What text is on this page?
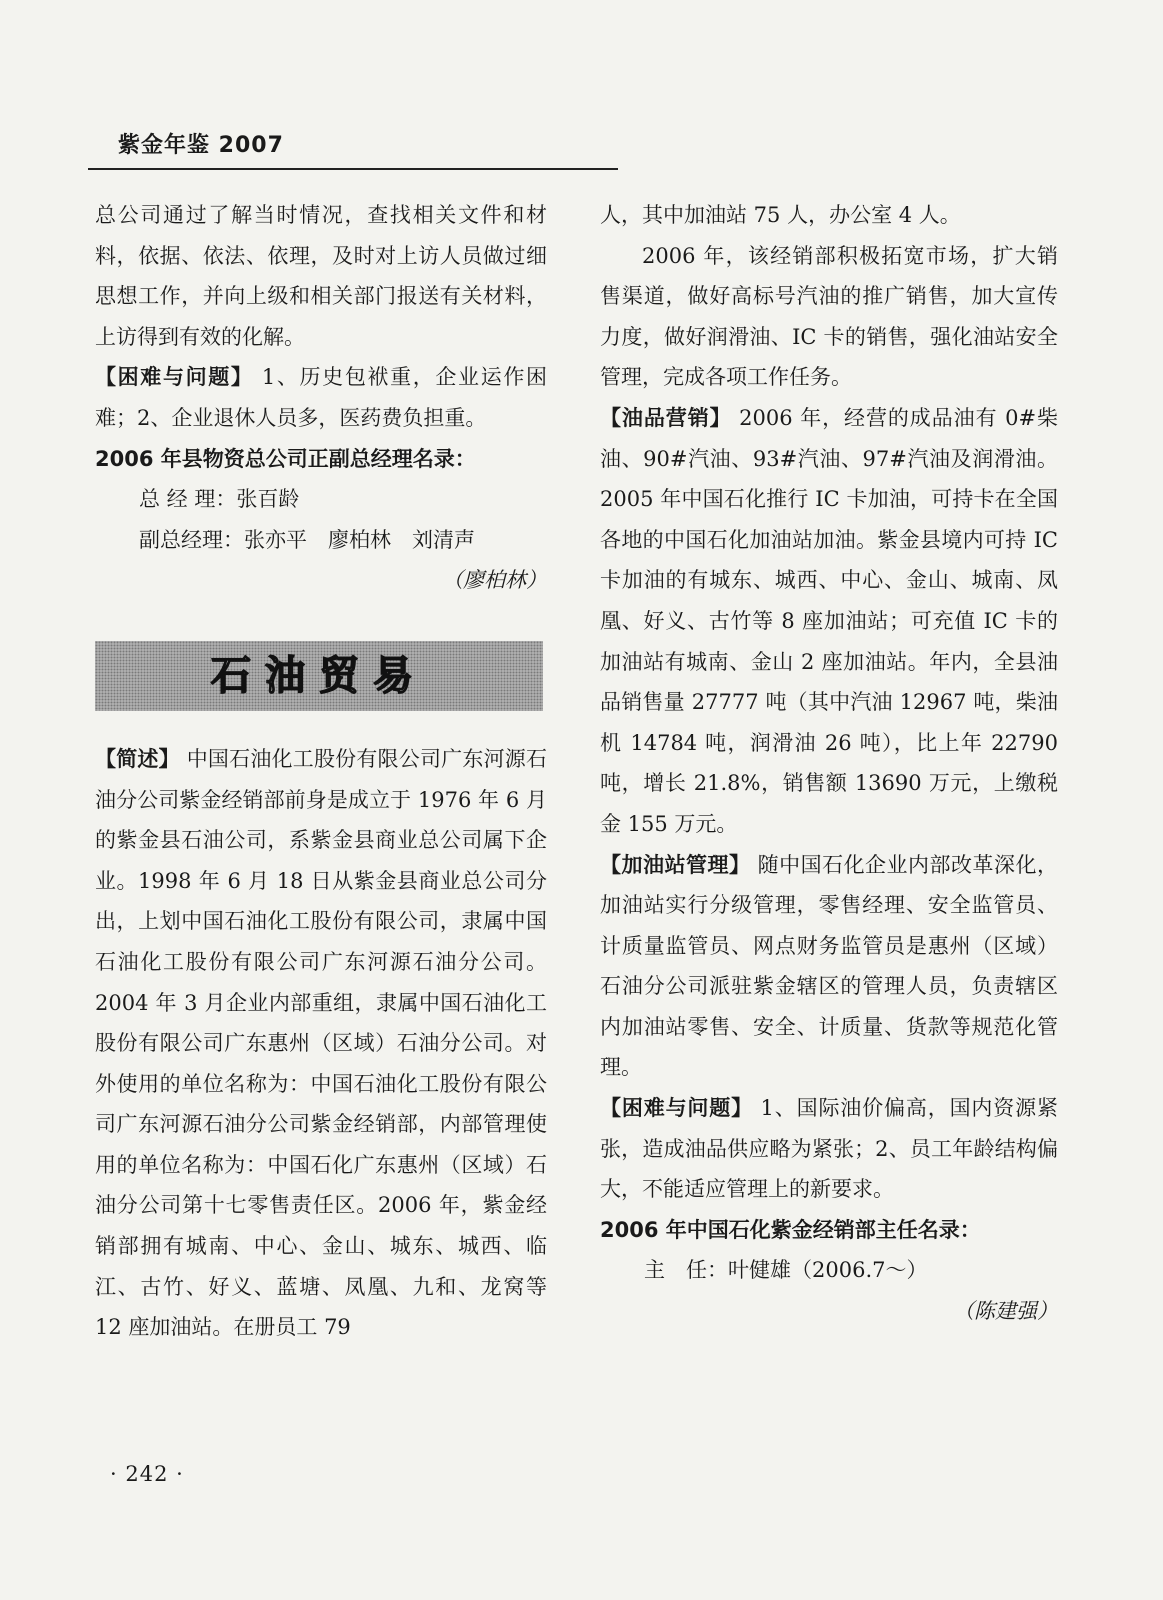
紫金年鉴 2007

总公司通过了解当时情况，查找相关文件和材料，依据、依法、依理，及时对上访人员做过细思想工作，并向上级和相关部门报送有关材料，上访得到有效的化解。

【困难与问题】 1、历史包袱重，企业运作困难；2、企业退休人员多，医药费负担重。

2006 年县物资总公司正副总经理名录：

总 经 理：张百龄

副总经理：张亦平　廖柏林　刘清声

（廖柏林）

石油贸易

【简述】 中国石油化工股份有限公司广东河源石油分公司紫金经销部前身是成立于 1976 年 6 月的紫金县石油公司，系紫金县商业总公司属下企业。1998 年 6 月 18 日从紫金县商业总公司分出，上划中国石油化工股份有限公司，隶属中国石油化工股份有限公司广东河源石油分公司。2004 年 3 月企业内部重组，隶属中国石油化工股份有限公司广东惠州（区域）石油分公司。对外使用的单位名称为：中国石油化工股份有限公司广东河源石油分公司紫金经销部，内部管理使用的单位名称为：中国石化广东惠州（区域）石油分公司第十七零售责任区。2006 年，紫金经销部拥有城南、中心、金山、城东、城西、临江、古竹、好义、蓝塘、凤凰、九和、龙窝等 12 座加油站。在册员工 79

人，其中加油站 75 人，办公室 4 人。

2006 年，该经销部积极拓宽市场，扩大销售渠道，做好高标号汽油的推广销售，加大宣传力度，做好润滑油、IC 卡的销售，强化油站安全管理，完成各项工作任务。

【油品营销】 2006 年，经营的成品油有 0#柴油、90#汽油、93#汽油、97#汽油及润滑油。2005 年中国石化推行 IC 卡加油，可持卡在全国各地的中国石化加油站加油。紫金县境内可持 IC 卡加油的有城东、城西、中心、金山、城南、凤凰、好义、古竹等 8 座加油站；可充值 IC 卡的加油站有城南、金山 2 座加油站。年内，全县油品销售量 27777 吨（其中汽油 12967 吨，柴油机 14784 吨，润滑油 26 吨），比上年 22790 吨，增长 21.8%，销售额 13690 万元，上缴税金 155 万元。

【加油站管理】 随中国石化企业内部改革深化，加油站实行分级管理，零售经理、安全监管员、计质量监管员、网点财务监管员是惠州（区域）石油分公司派驻紫金辖区的管理人员，负责辖区内加油站零售、安全、计质量、货款等规范化管理。

【困难与问题】 1、国际油价偏高，国内资源紧张，造成油品供应略为紧张；2、员工年龄结构偏大，不能适应管理上的新要求。

2006 年中国石化紫金经销部主任名录：

主　任：叶健雄（2006.7～）

（陈建强）

· 242 ·
